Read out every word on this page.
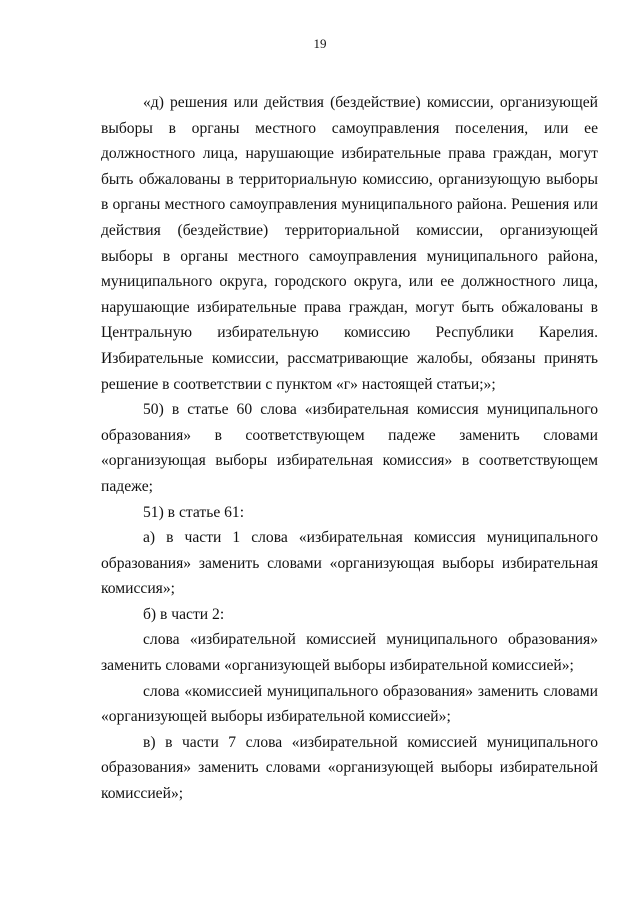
19

«д) решения или действия (бездействие) комиссии, организующей выборы в органы местного самоуправления поселения, или ее должностного лица, нарушающие избирательные права граждан, могут быть обжалованы в территориальную комиссию, организующую выборы в органы местного самоуправления муниципального района. Решения или действия (бездействие) территориальной комиссии, организующей выборы в органы местного самоуправления муниципального района, муниципального округа, городского округа, или ее должностного лица, нарушающие избирательные права граждан, могут быть обжалованы в Центральную избирательную комиссию Республики Карелия. Избирательные комиссии, рассматривающие жалобы, обязаны принять решение в соответствии с пунктом «г» настоящей статьи;»;

50) в статье 60 слова «избирательная комиссия муниципального образования» в соответствующем падеже заменить словами «организующая выборы избирательная комиссия» в соответствующем падеже;

51) в статье 61:

а) в части 1 слова «избирательная комиссия муниципального образования» заменить словами «организующая выборы избирательная комиссия»;

б) в части 2:

слова «избирательной комиссией муниципального образования» заменить словами «организующей выборы избирательной комиссией»;

слова «комиссией муниципального образования» заменить словами «организующей выборы избирательной комиссией»;

в) в части 7 слова «избирательной комиссией муниципального образования» заменить словами «организующей выборы избирательной комиссией»;
